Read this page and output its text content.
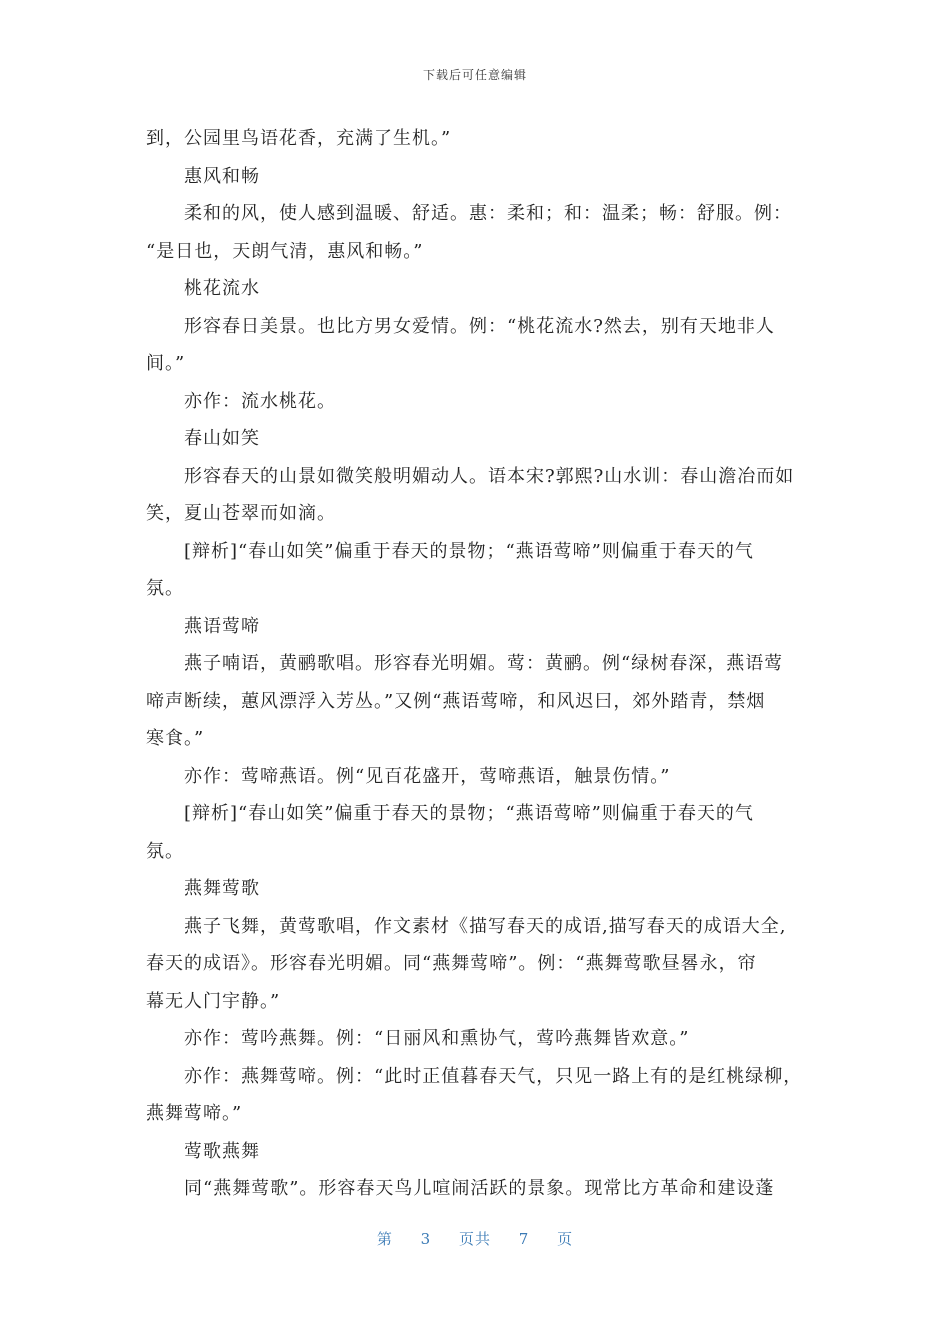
下载后可任意编辑
到，公园里鸟语花香，充满了生机。”
惠风和畅
柔和的风，使人感到温暖、舒适。惠：柔和；和：温柔；畅：舒服。例：
“是日也，天朗气清，惠风和畅。”
桃花流水
形容春日美景。也比方男女爱情。例：“桃花流水?然去，别有天地非人
间。”
亦作：流水桃花。
春山如笑
形容春天的山景如微笑般明媚动人。语本宋?郭熙?山水训：春山澹冶而如
笑，夏山苍翠而如滴。
[辩析]“春山如笑”偏重于春天的景物；“燕语莺啼”则偏重于春天的气
氛。
燕语莺啼
燕子喃语，黄鹂歌唱。形容春光明媚。莺：黄鹂。例“绿树春深，燕语莺
啼声断续，蕙风漂浮入芳丛。”又例“燕语莺啼，和风迟曰，郊外踏青，禁烟
寒食。”
亦作：莺啼燕语。例“见百花盛开，莺啼燕语，触景伤情。”
[辩析]“春山如笑”偏重于春天的景物；“燕语莺啼”则偏重于春天的气
氛。
燕舞莺歌
燕子飞舞，黄莺歌唱，作文素材《描写春天的成语,描写春天的成语大全,
春天的成语》。形容春光明媚。同“燕舞莺啼”。例：“燕舞莺歌昼晷永，帘
幕无人门宇静。”
亦作：莺吟燕舞。例：“日丽风和熏协气，莺吟燕舞皆欢意。”
亦作：燕舞莺啼。例：“此时正值暮春天气，只见一路上有的是红桃绿柳，
燕舞莺啼。”
莺歌燕舞
同“燕舞莺歌”。形容春天鸟儿喧闹活跃的景象。现常比方革命和建设蓬
第 3 页共 7 页
